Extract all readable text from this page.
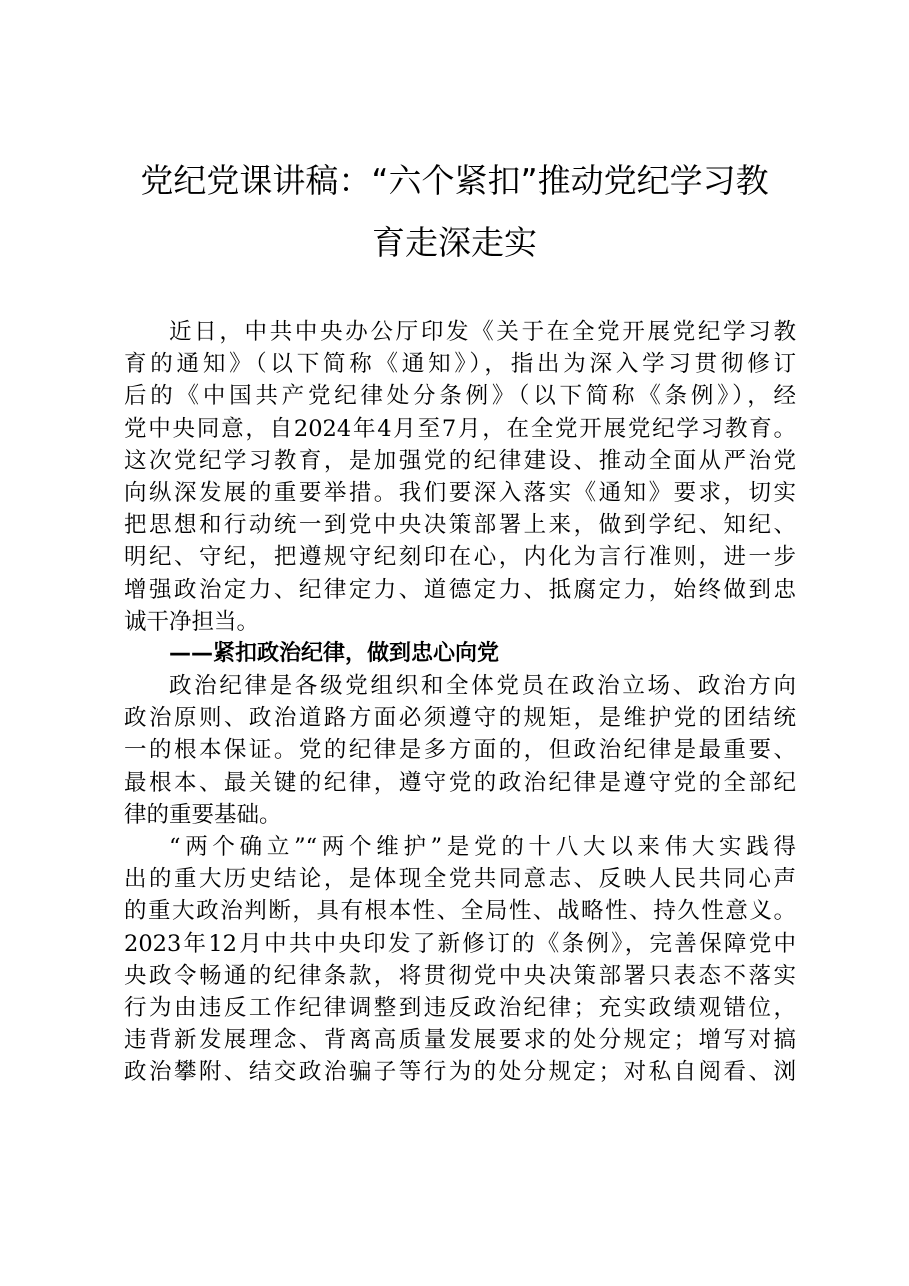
党纪党课讲稿：“六个紧扣”推动党纪学习教
育走深走实
近日，中共中央办公厅印发《关于在全党开展党纪学习教
育的通知》（以下简称《通知》），指出为深入学习贯彻修订
后的《中国共产党纪律处分条例》（以下简称《条例》），经
党中央同意，自2024年4月至7月，在全党开展党纪学习教育。
这次党纪学习教育，是加强党的纪律建设、推动全面从严治党
向纵深发展的重要举措。我们要深入落实《通知》要求，切实
把思想和行动统一到党中央决策部署上来，做到学纪、知纪、
明纪、守纪，把遵规守纪刻印在心，内化为言行准则，进一步
增强政治定力、纪律定力、道德定力、抵腐定力，始终做到忠
诚干净担当。
——紧扣政治纪律，做到忠心向党
政治纪律是各级党组织和全体党员在政治立场、政治方向
政治原则、政治道路方面必须遵守的规矩，是维护党的团结统
一的根本保证。党的纪律是多方面的，但政治纪律是最重要、
最根本、最关键的纪律，遵守党的政治纪律是遵守党的全部纪
律的重要基础。
“两个确立”“两个维护”是党的十八大以来伟大实践得
出的重大历史结论，是体现全党共同意志、反映人民共同心声
的重大政治判断，具有根本性、全局性、战略性、持久性意义。
2023年12月中共中央印发了新修订的《条例》，完善保障党中
央政令畅通的纪律条款，将贯彻党中央决策部署只表态不落实
行为由违反工作纪律调整到违反政治纪律；充实政绩观错位，
违背新发展理念、背离高质量发展要求的处分规定；增写对搞
政治攀附、结交政治骗子等行为的处分规定；对私自阅看、浏
